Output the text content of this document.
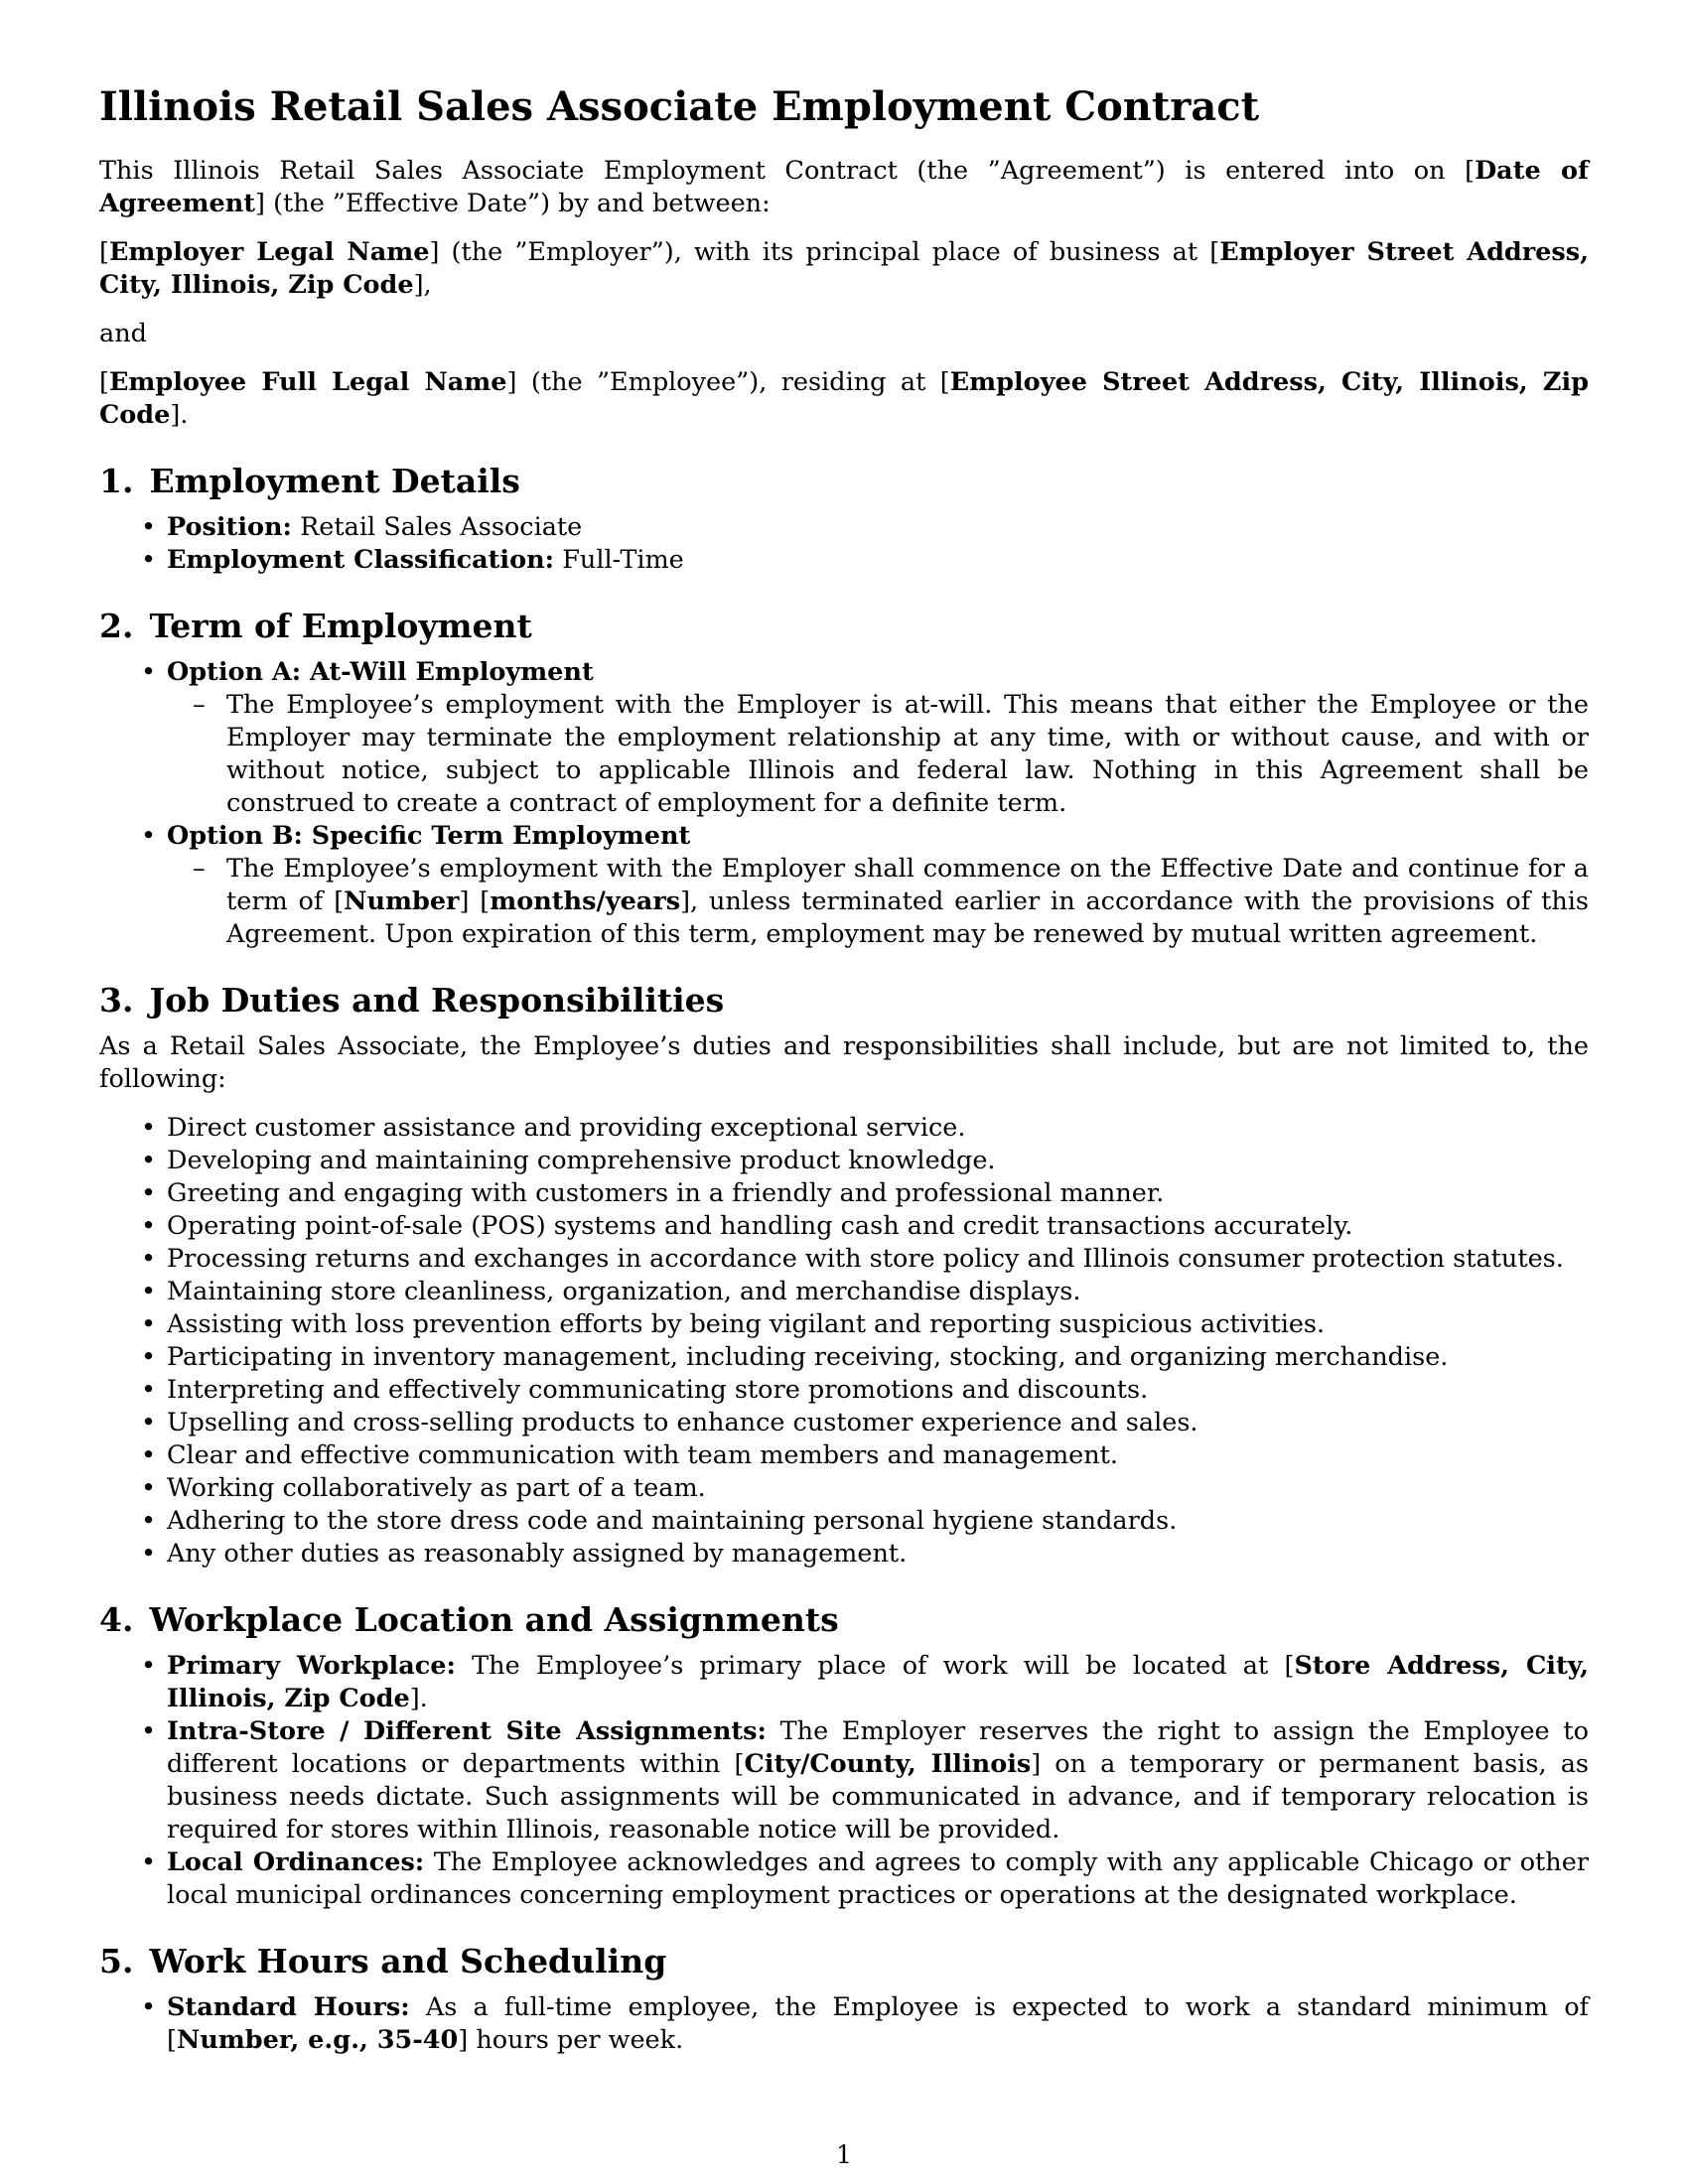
Illinois Retail Sales Associate Employment Contract

This Illinois Retail Sales Associate Employment Contract (the ”Agreement”) is entered into on [Date of Agreement] (the ”Effective Date”) by and between:

[Employer Legal Name] (the ”Employer”), with its principal place of business at [Employer Street Address, City, Illinois, Zip Code],

and

[Employee Full Legal Name] (the ”Employee”), residing at [Employee Street Address, City, Illinois, Zip Code].

1. Employment Details
• Position: Retail Sales Associate
• Employment Classification: Full-Time
2. Term of Employment
• Option A: At-Will Employment
– The Employee’s employment with the Employer is at-will. This means that either the Employee or the Employer may terminate the employment relationship at any time, with or without cause, and with or without notice, subject to applicable Illinois and federal law. Nothing in this Agreement shall be construed to create a contract of employment for a definite term.
• Option B: Specific Term Employment
– The Employee’s employment with the Employer shall commence on the Effective Date and continue for a term of [Number] [months/years], unless terminated earlier in accordance with the provisions of this Agreement. Upon expiration of this term, employment may be renewed by mutual written agreement.
3. Job Duties and Responsibilities

As a Retail Sales Associate, the Employee’s duties and responsibilities shall include, but are not limited to, the following:

• Direct customer assistance and providing exceptional service.
• Developing and maintaining comprehensive product knowledge.
• Greeting and engaging with customers in a friendly and professional manner.
• Operating point-of-sale (POS) systems and handling cash and credit transactions accurately.
• Processing returns and exchanges in accordance with store policy and Illinois consumer protection statutes.
• Maintaining store cleanliness, organization, and merchandise displays.
• Assisting with loss prevention efforts by being vigilant and reporting suspicious activities.
• Participating in inventory management, including receiving, stocking, and organizing merchandise.
• Interpreting and effectively communicating store promotions and discounts.
• Upselling and cross-selling products to enhance customer experience and sales.
• Clear and effective communication with team members and management.
• Working collaboratively as part of a team.
• Adhering to the store dress code and maintaining personal hygiene standards.
• Any other duties as reasonably assigned by management.
4. Workplace Location and Assignments
• Primary Workplace: The Employee’s primary place of work will be located at [Store Address, City, Illinois, Zip Code].
• Intra-Store / Different Site Assignments: The Employer reserves the right to assign the Employee to different locations or departments within [City/County, Illinois] on a temporary or permanent basis, as business needs dictate. Such assignments will be communicated in advance, and if temporary relocation is required for stores within Illinois, reasonable notice will be provided.
• Local Ordinances: The Employee acknowledges and agrees to comply with any applicable Chicago or other local municipal ordinances concerning employment practices or operations at the designated workplace.
5. Work Hours and Scheduling
• Standard Hours: As a full-time employee, the Employee is expected to work a standard minimum of [Number, e.g., 35-40] hours per week.
1
